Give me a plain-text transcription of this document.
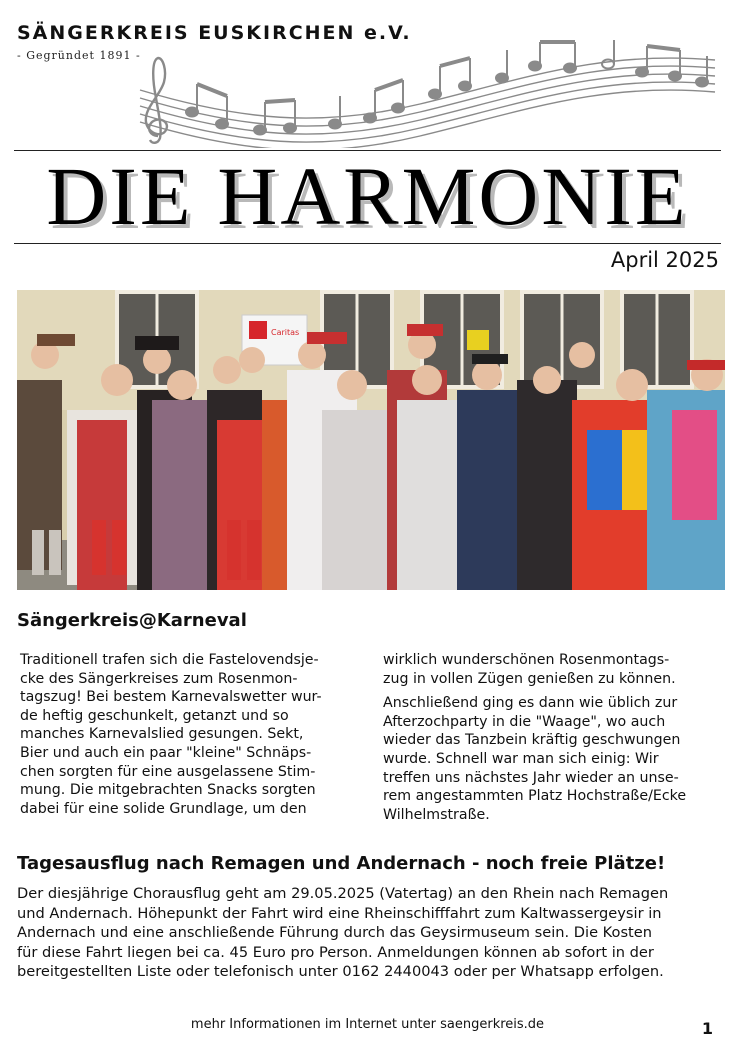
SÄNGERKREIS EUSKIRCHEN e.V.
- Gegründet 1891 -
DIE HARMONIE
April 2025
Caritas
Sängerkreis@Karneval
Traditionell trafen sich die Fastelovendsje-
cke des Sängerkreises zum Rosenmon-
tagszug! Bei bestem Karnevalswetter wur-
de heftig geschunkelt, getanzt und so
manches Karnevalslied gesungen. Sekt,
Bier und auch ein paar "kleine" Schnäps-
chen sorgten für eine ausgelassene Stim-
mung. Die mitgebrachten Snacks sorgten
dabei für eine solide Grundlage, um den
wirklich wunderschönen Rosenmontags-
zug in vollen Zügen genießen zu können.
Anschließend ging es dann wie üblich zur
Afterzochparty in die "Waage", wo auch
wieder das Tanzbein kräftig geschwungen
wurde. Schnell war man sich einig: Wir
treffen uns nächstes Jahr wieder an unse-
rem angestammten Platz Hochstraße/Ecke
Wilhelmstraße.
Tagesausflug nach Remagen und Andernach - noch freie Plätze!
Der diesjährige Chorausflug geht am 29.05.2025 (Vatertag) an den Rhein nach Remagen
und Andernach. Höhepunkt der Fahrt wird eine Rheinschifffahrt zum Kaltwassergeysir in
Andernach und eine anschließende Führung durch das Geysirmuseum sein. Die Kosten
für diese Fahrt liegen bei ca. 45 Euro pro Person. Anmeldungen können ab sofort in der
bereitgestellten Liste oder telefonisch unter 0162 2440043 oder per Whatsapp erfolgen.
mehr Informationen im Internet unter saengerkreis.de	1
